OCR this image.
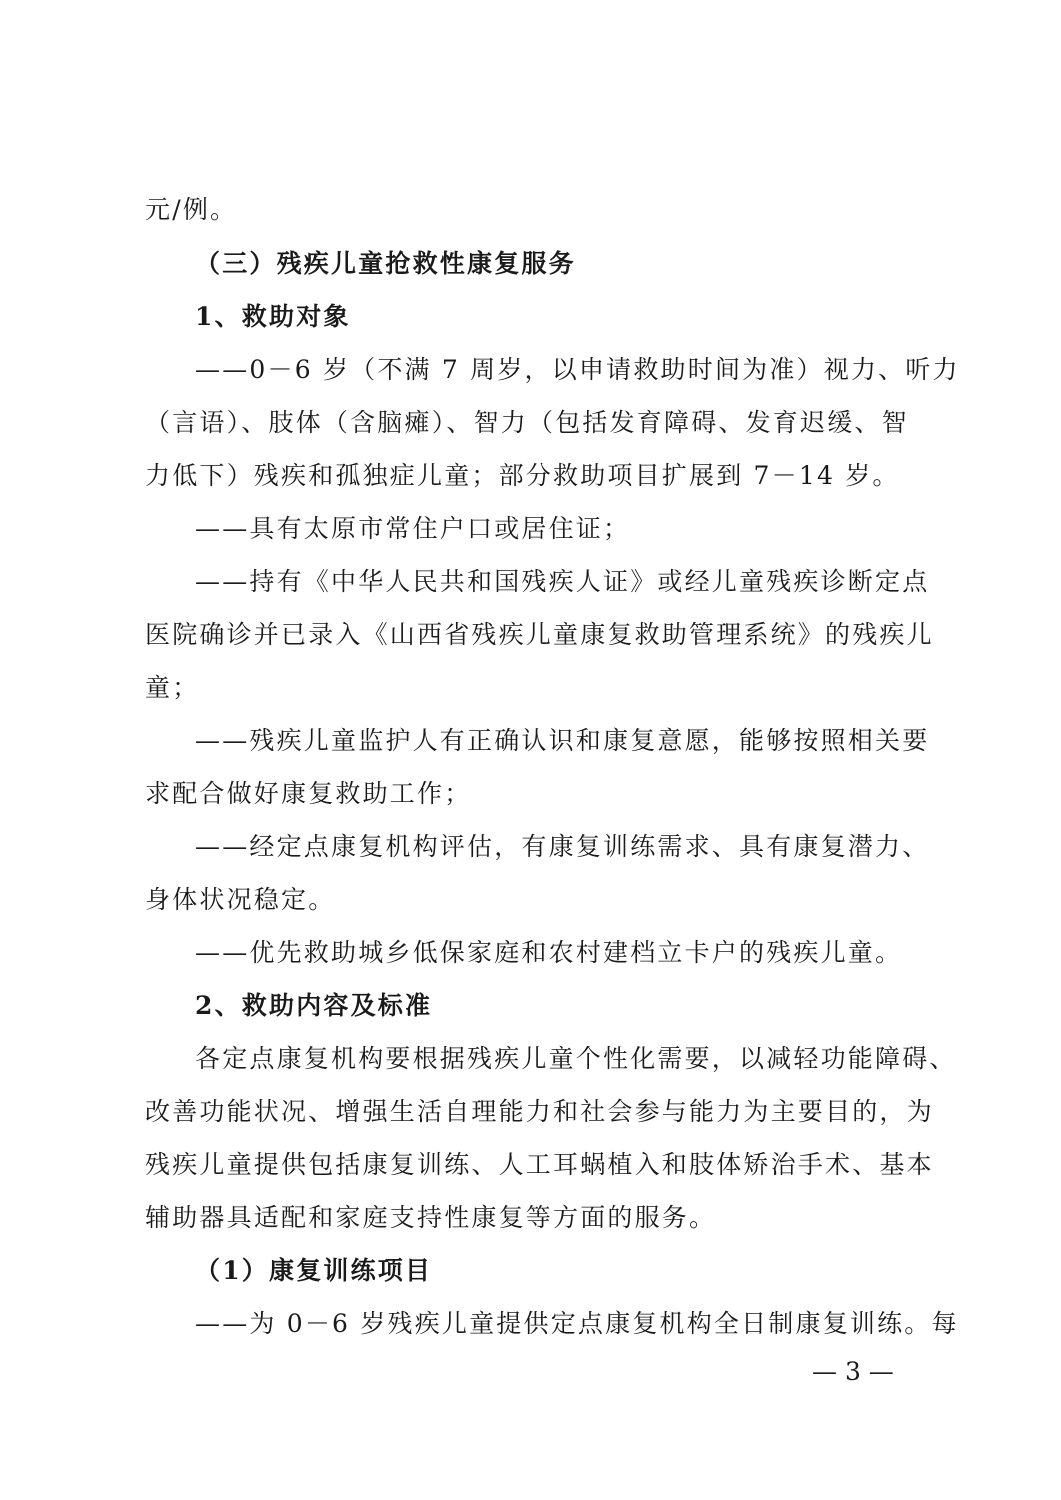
元/例。
（三）残疾儿童抢救性康复服务
1、救助对象
——0－6 岁（不满 7 周岁，以申请救助时间为准）视力、听力
（言语）、肢体（含脑瘫）、智力（包括发育障碍、发育迟缓、智
力低下）残疾和孤独症儿童；部分救助项目扩展到 7－14 岁。
——具有太原市常住户口或居住证；
——持有《中华人民共和国残疾人证》或经儿童残疾诊断定点
医院确诊并已录入《山西省残疾儿童康复救助管理系统》的残疾儿
童；
——残疾儿童监护人有正确认识和康复意愿，能够按照相关要
求配合做好康复救助工作；
——经定点康复机构评估，有康复训练需求、具有康复潜力、
身体状况稳定。
——优先救助城乡低保家庭和农村建档立卡户的残疾儿童。
2、救助内容及标准
各定点康复机构要根据残疾儿童个性化需要，以减轻功能障碍、
改善功能状况、增强生活自理能力和社会参与能力为主要目的，为
残疾儿童提供包括康复训练、人工耳蜗植入和肢体矫治手术、基本
辅助器具适配和家庭支持性康复等方面的服务。
（1）康复训练项目
——为 0－6 岁残疾儿童提供定点康复机构全日制康复训练。每
— 3 —
